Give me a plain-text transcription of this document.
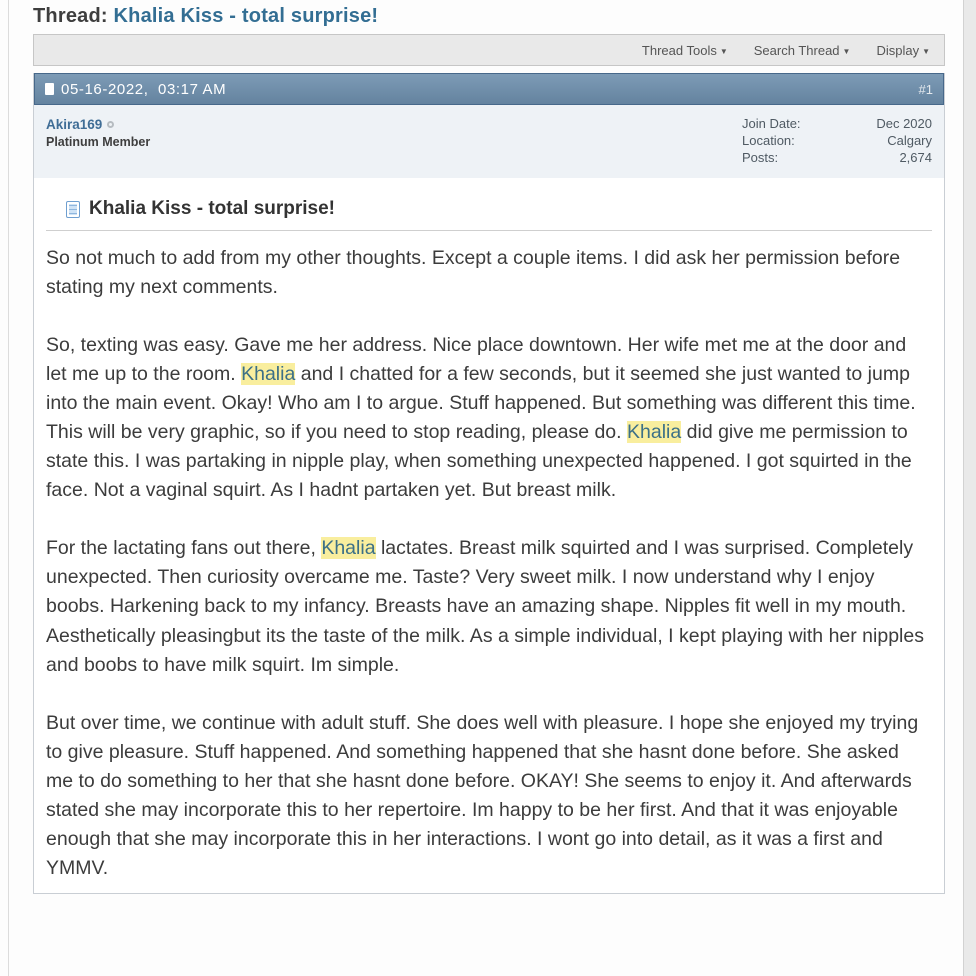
Thread: Khalia Kiss - total surprise!
Thread Tools ▼ Search Thread ▼ Display ▼
05-16-2022,  03:17 AM	#1
Akira169
Platinum Member
Join Date:	Dec 2020
Location:	Calgary
Posts:	2,674
Khalia Kiss - total surprise!

So not much to add from my other thoughts. Except a couple items. I did ask her permission before stating my next comments.

So, texting was easy. Gave me her address. Nice place downtown. Her wife met me at the door and let me up to the room. Khalia and I chatted for a few seconds, but it seemed she just wanted to jump into the main event. Okay! Who am I to argue. Stuff happened. But something was different this time. This will be very graphic, so if you need to stop reading, please do. Khalia did give me permission to state this. I was partaking in nipple play, when something unexpected happened. I got squirted in the face. Not a vaginal squirt. As I hadnt partaken yet. But breast milk.

For the lactating fans out there, Khalia lactates. Breast milk squirted and I was surprised. Completely unexpected. Then curiosity overcame me. Taste? Very sweet milk. I now understand why I enjoy boobs. Harkening back to my infancy. Breasts have an amazing shape. Nipples fit well in my mouth. Aesthetically pleasingbut its the taste of the milk. As a simple individual, I kept playing with her nipples and boobs to have milk squirt. Im simple.

But over time, we continue with adult stuff. She does well with pleasure. I hope she enjoyed my trying to give pleasure. Stuff happened. And something happened that she hasnt done before. She asked me to do something to her that she hasnt done before. OKAY! She seems to enjoy it. And afterwards stated she may incorporate this to her repertoire. Im happy to be her first. And that it was enjoyable enough that she may incorporate this in her interactions. I wont go into detail, as it was a first and YMMV.
